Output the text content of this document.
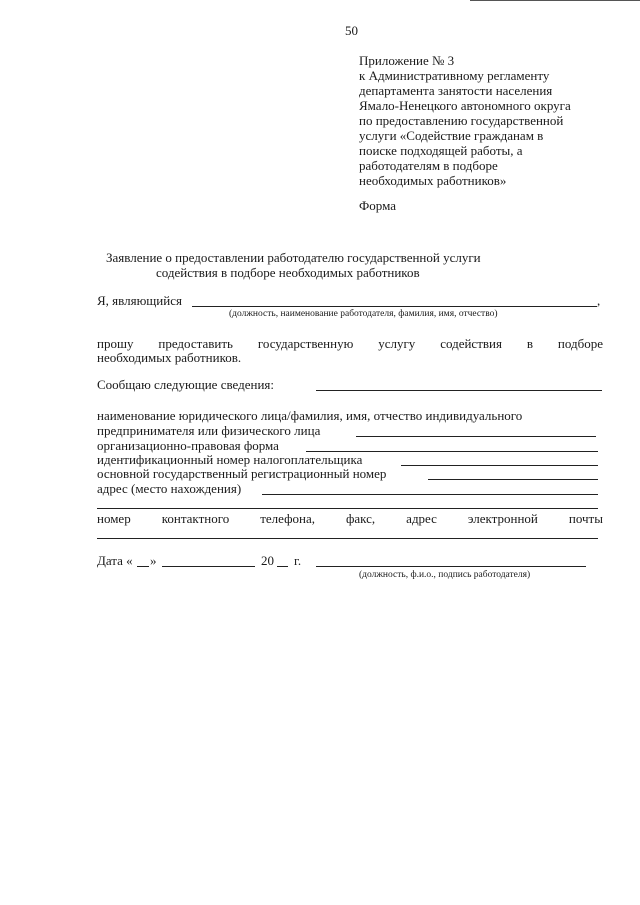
50
Приложение № 3
к Административному регламенту
департамента занятости населения
Ямало-Ненецкого автономного округа
по предоставлению государственной
услуги «Содействие гражданам в
поиске подходящей работы, а
работодателям в подборе
необходимых работников»
Форма
Заявление о предоставлении работодателю государственной услуги
содействия в подборе необходимых работников
Я, являющийся	,
(должность, наименование работодателя, фамилия, имя, отчество)
прошу предоставить государственную услугу содействия в подборе
необходимых работников.
Сообщаю следующие сведения:
наименование юридического лица/фамилия, имя, отчество индивидуального
предпринимателя или физического лица
организационно-правовая форма
идентификационный номер налогоплательщика
основной государственный регистрационный номер
адрес (место нахождения)
номер контактного телефона, факс, адрес электронной почты
Дата « »	20 г.
(должность, ф.и.о., подпись работодателя)
